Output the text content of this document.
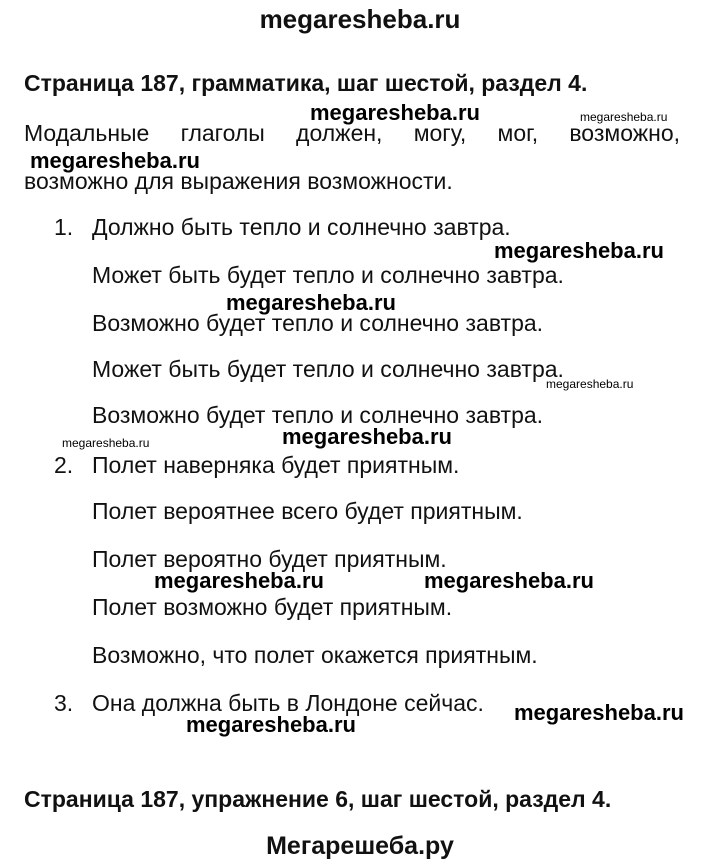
megaresheba.ru
Страница 187, грамматика, шаг шестой, раздел 4.
Модальные глаголы должен, могу, мог, возможно,
возможно для выражения возможности.
1. Должно быть тепло и солнечно завтра.
Может быть будет тепло и солнечно завтра.
Возможно будет тепло и солнечно завтра.
Может быть будет тепло и солнечно завтра.
Возможно будет тепло и солнечно завтра.
2. Полет наверняка будет приятным.
Полет вероятнее всего будет приятным.
Полет вероятно будет приятным.
Полет возможно будет приятным.
Возможно, что полет окажется приятным.
3. Она должна быть в Лондоне сейчас.
Страница 187, упражнение 6, шаг шестой, раздел 4.
Мегарешеба.ру
megaresheba.ru	megaresheba.ru
megaresheba.ru
megaresheba.ru
megaresheba.ru
megaresheba.ru
megaresheba.ru
megaresheba.ru
megaresheba.ru	megaresheba.ru
megaresheba.ru
megaresheba.ru
